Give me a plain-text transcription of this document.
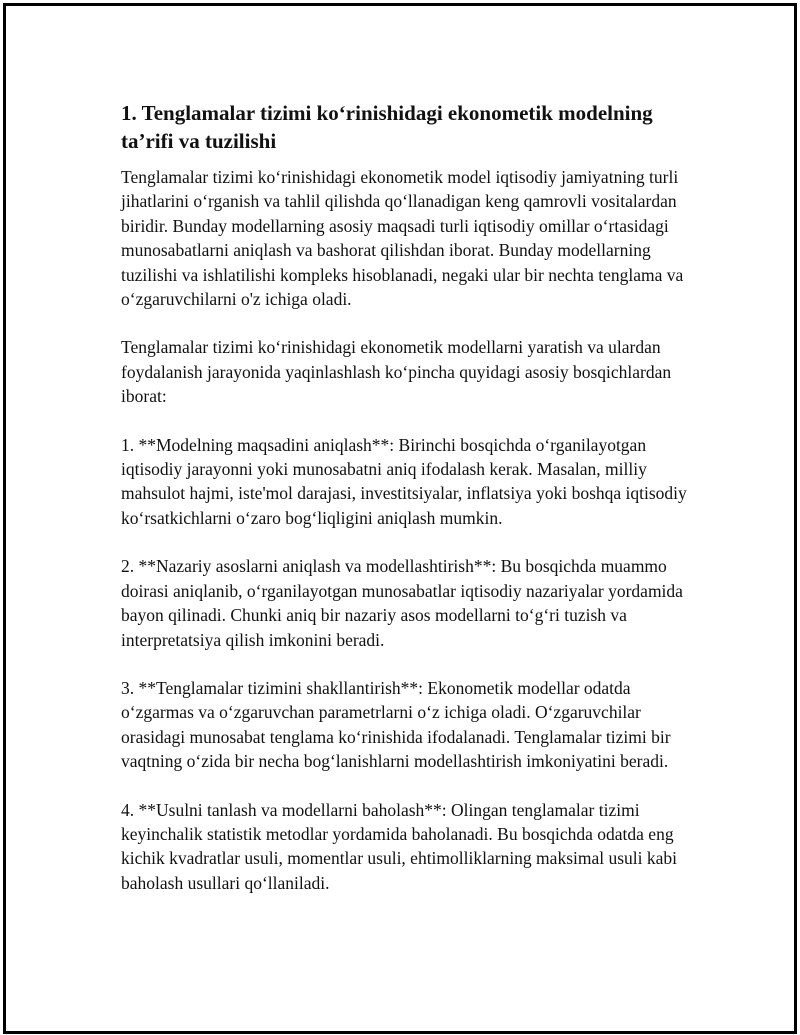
1. Tenglamalar tizimi ko‘rinishidagi ekonometik modelning ta’rifi va tuzilishi

Tenglamalar tizimi ko‘rinishidagi ekonometik model iqtisodiy jamiyatning turli jihatlarini o‘rganish va tahlil qilishda qo‘llanadigan keng qamrovli vositalardan biridir. Bunday modellarning asosiy maqsadi turli iqtisodiy omillar o‘rtasidagi munosabatlarni aniqlash va bashorat qilishdan iborat. Bunday modellarning tuzilishi va ishlatilishi kompleks hisoblanadi, negaki ular bir nechta tenglama va o‘zgaruvchilarni o'z ichiga oladi.

Tenglamalar tizimi ko‘rinishidagi ekonometik modellarni yaratish va ulardan foydalanish jarayonida yaqinlashlash ko‘pincha quyidagi asosiy bosqichlardan iborat:

1. **Modelning maqsadini aniqlash**: Birinchi bosqichda o‘rganilayotgan iqtisodiy jarayonni yoki munosabatni aniq ifodalash kerak. Masalan, milliy mahsulot hajmi, iste'mol darajasi, investitsiyalar, inflatsiya yoki boshqa iqtisodiy ko‘rsatkichlarni o‘zaro bog‘liqligini aniqlash mumkin.

2. **Nazariy asoslarni aniqlash va modellashtirish**: Bu bosqichda muammo doirasi aniqlanib, o‘rganilayotgan munosabatlar iqtisodiy nazariyalar yordamida bayon qilinadi. Chunki aniq bir nazariy asos modellarni to‘g‘ri tuzish va interpretatsiya qilish imkonini beradi.

3. **Tenglamalar tizimini shakllantirish**: Ekonometik modellar odatda o‘zgarmas va o‘zgaruvchan parametrlarni o‘z ichiga oladi. O‘zgaruvchilar orasidagi munosabat tenglama ko‘rinishida ifodalanadi. Tenglamalar tizimi bir vaqtning o‘zida bir necha bog‘lanishlarni modellashtirish imkoniyatini beradi.

4. **Usulni tanlash va modellarni baholash**: Olingan tenglamalar tizimi keyinchalik statistik metodlar yordamida baholanadi. Bu bosqichda odatda eng kichik kvadratlar usuli, momentlar usuli, ehtimolliklarning maksimal usuli kabi baholash usullari qo‘llaniladi.
